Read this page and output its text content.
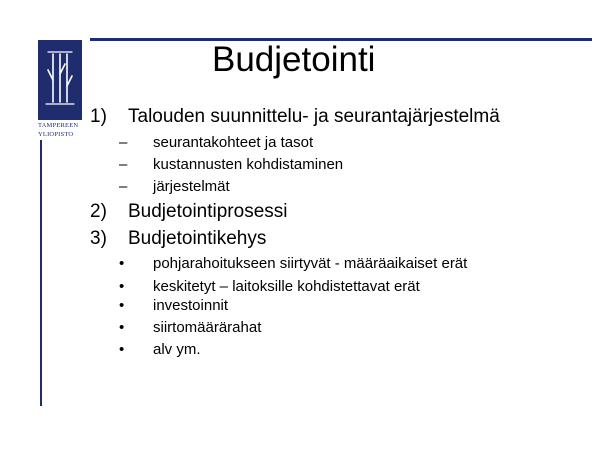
TAMPEREEN
YLIOPISTO
Budjetointi
1) Talouden suunnittelu- ja seurantajärjestelmä
– seurantakohteet ja tasot
– kustannusten kohdistaminen
– järjestelmät
2) Budjetointiprosessi
3) Budjetointikehys
• pohjarahoitukseen siirtyvät - määräaikaiset erät
• keskitetyt – laitoksille kohdistettavat erät
• investoinnit
• siirtomäärärahat
• alv ym.
